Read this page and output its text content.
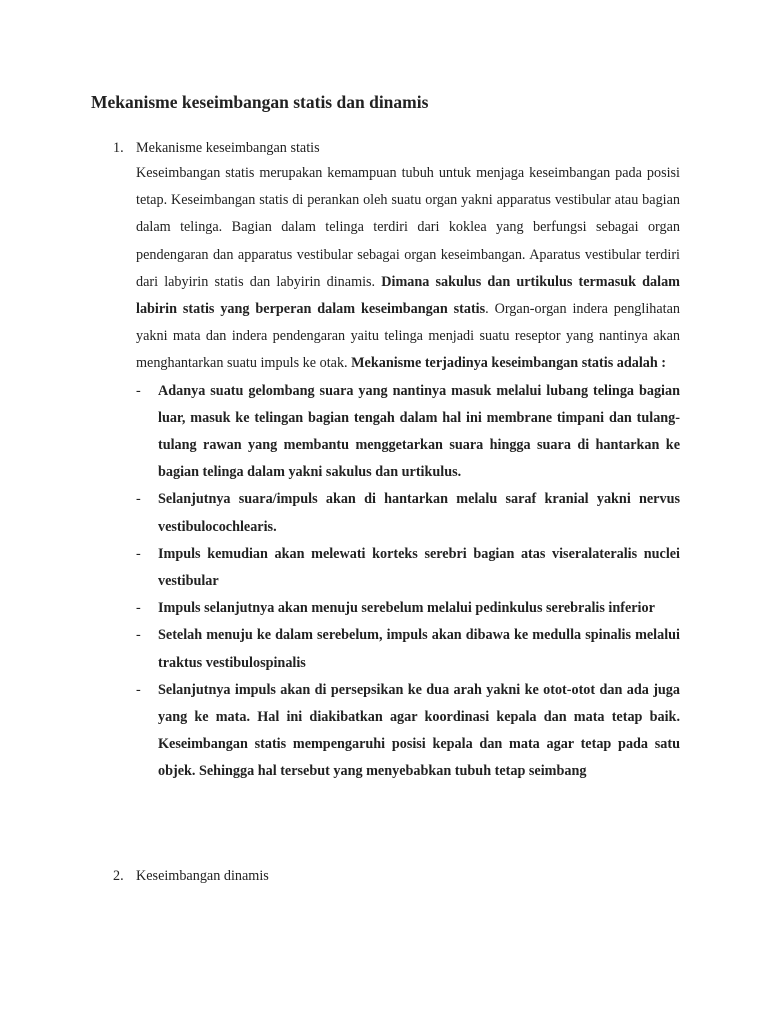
Mekanisme keseimbangan statis dan dinamis
1. Mekanisme keseimbangan statis

Keseimbangan statis merupakan kemampuan tubuh untuk menjaga keseimbangan pada posisi tetap. Keseimbangan statis di perankan oleh suatu organ yakni apparatus vestibular atau bagian dalam telinga. Bagian dalam telinga terdiri dari koklea yang berfungsi sebagai organ pendengaran dan apparatus vestibular sebagai organ keseimbangan. Aparatus vestibular terdiri dari labyirin statis dan labyirin dinamis. Dimana sakulus dan urtikulus termasuk dalam labirin statis yang berperan dalam keseimbangan statis. Organ-organ indera penglihatan yakni mata dan indera pendengaran yaitu telinga menjadi suatu reseptor yang nantinya akan menghantarkan suatu impuls ke otak. Mekanisme terjadinya keseimbangan statis adalah :

- Adanya suatu gelombang suara yang nantinya masuk melalui lubang telinga bagian luar, masuk ke telingan bagian tengah dalam hal ini membrane timpani dan tulang-tulang rawan yang membantu menggetarkan suara hingga suara di hantarkan ke bagian telinga dalam yakni sakulus dan urtikulus.
- Selanjutnya suara/impuls akan di hantarkan melalu saraf kranial yakni nervus vestibulocochlearis.
- Impuls kemudian akan melewati korteks serebri bagian atas viseralateralis nuclei vestibular
- Impuls selanjutnya akan menuju serebelum melalui pedinkulus serebralis inferior
- Setelah menuju ke dalam serebelum, impuls akan dibawa ke medulla spinalis melalui traktus vestibulospinalis
- Selanjutnya impuls akan di persepsikan ke dua arah yakni ke otot-otot dan ada juga yang ke mata. Hal ini diakibatkan agar koordinasi kepala dan mata tetap baik. Keseimbangan statis mempengaruhi posisi kepala dan mata agar tetap pada satu objek. Sehingga hal tersebut yang menyebabkan tubuh tetap seimbang
2. Keseimbangan dinamis
